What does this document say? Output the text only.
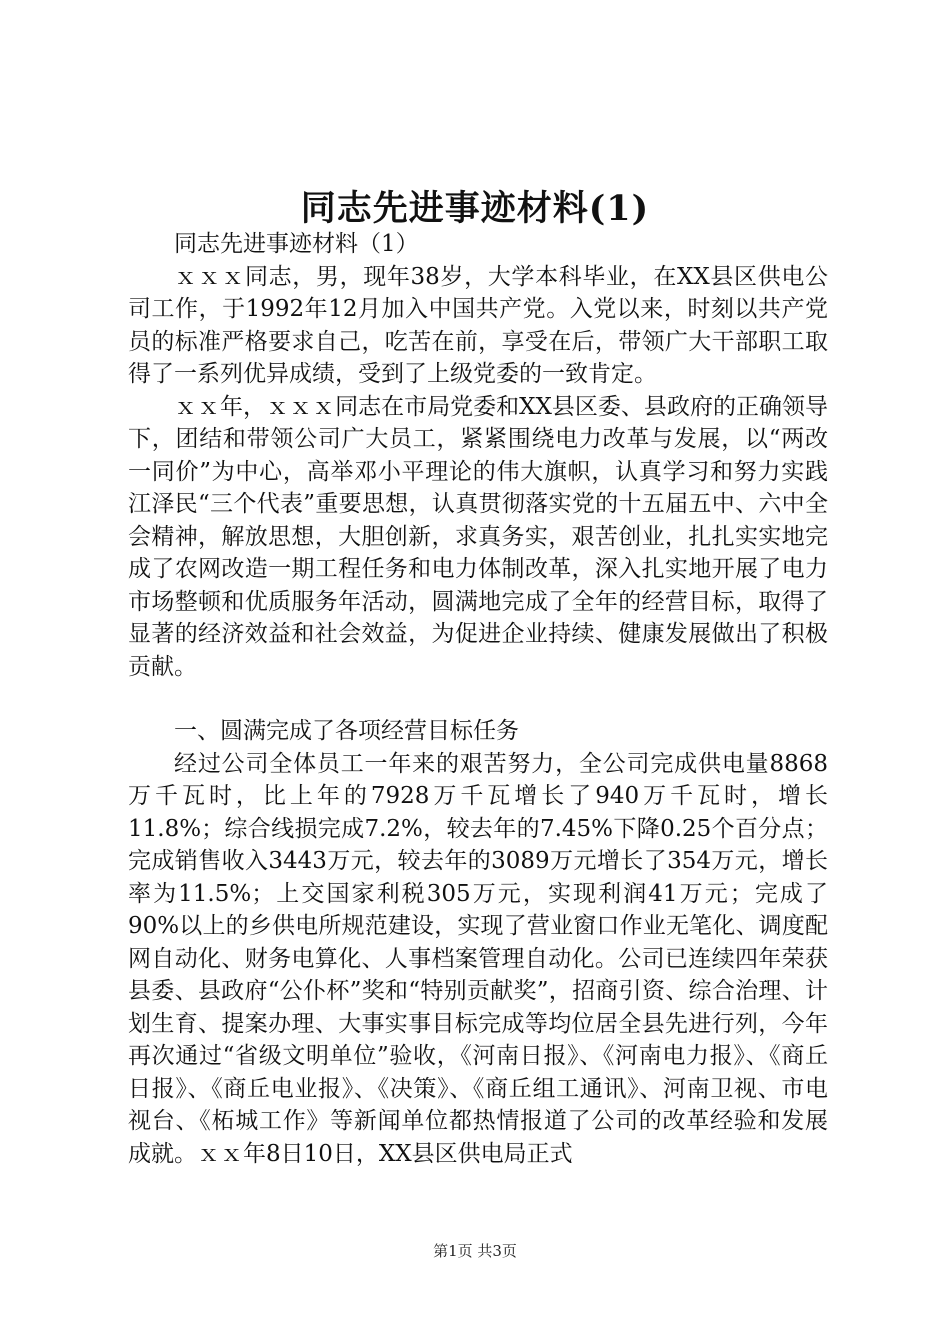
同志先进事迹材料(1)

同志先进事迹材料（1）

ｘｘｘ同志，男，现年38岁，大学本科毕业，在XX县区供电公司工作，于1992年12月加入中国共产党。入党以来，时刻以共产党员的标准严格要求自己，吃苦在前，享受在后，带领广大干部职工取得了一系列优异成绩，受到了上级党委的一致肯定。

ｘｘ年，ｘｘｘ同志在市局党委和XX县区委、县政府的正确领导下，团结和带领公司广大员工，紧紧围绕电力改革与发展，以“两改一同价”为中心，高举邓小平理论的伟大旗帜，认真学习和努力实践江泽民“三个代表”重要思想，认真贯彻落实党的十五届五中、六中全会精神，解放思想，大胆创新，求真务实，艰苦创业，扎扎实实地完成了农网改造一期工程任务和电力体制改革，深入扎实地开展了电力市场整顿和优质服务年活动，圆满地完成了全年的经营目标，取得了显著的经济效益和社会效益，为促进企业持续、健康发展做出了积极贡献。

一、圆满完成了各项经营目标任务

经过公司全体员工一年来的艰苦努力，全公司完成供电量8868万千瓦时，比上年的7928万千瓦增长了940万千瓦时，增长11.8%；综合线损完成7.2%，较去年的7.45%下降0.25个百分点；完成销售收入3443万元，较去年的3089万元增长了354万元，增长率为11.5%；上交国家利税305万元，实现利润41万元；完成了90%以上的乡供电所规范建设，实现了营业窗口作业无笔化、调度配网自动化、财务电算化、人事档案管理自动化。公司已连续四年荣获县委、县政府“公仆杯”奖和“特别贡献奖”，招商引资、综合治理、计划生育、提案办理、大事实事目标完成等均位居全县先进行列，今年再次通过“省级文明单位”验收，《河南日报》、《河南电力报》、《商丘日报》、《商丘电业报》、《决策》、《商丘组工通讯》、河南卫视、市电视台、《柘城工作》等新闻单位都热情报道了公司的改革经验和发展成就。ｘｘ年8日10日，XX县区供电局正式

第1页 共3页
